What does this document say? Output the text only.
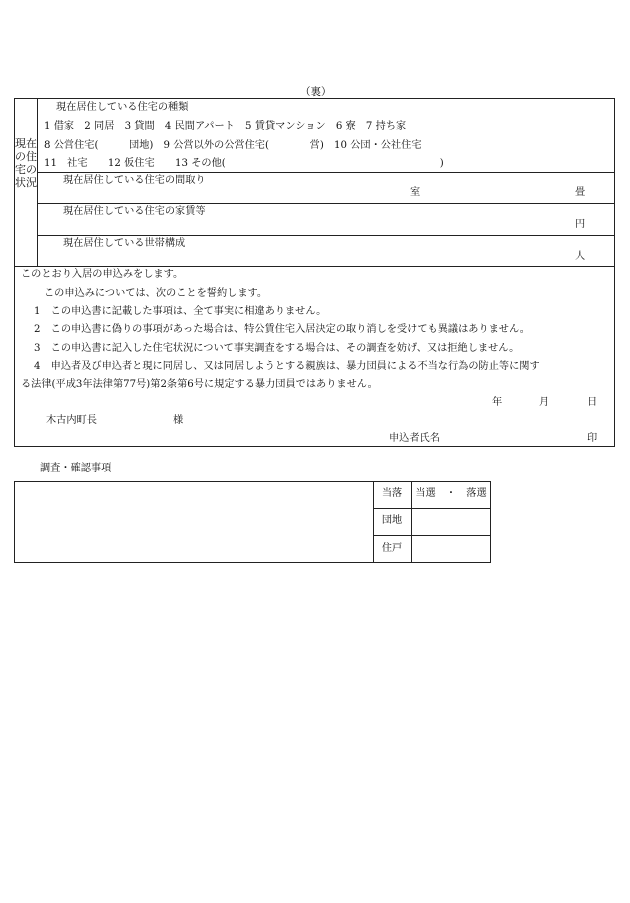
（裏）
現在の住宅の状況
現在居住している住宅の種類
1 借家　2 同居　3 貸間　4 民間アパート　5 賃貸マンション　6 寮　7 持ち家
8 公営住宅(　　　団地)　9 公営以外の公営住宅(　　　　営)　10 公団・公社住宅
11　社宅　　12 仮住宅　　13 その他(　　　　　　　　　　　　　　　　　　　　　)
現在居住している住宅の間取り
室	畳
現在居住している住宅の家賃等
円
現在居住している世帯構成
人
このとおり入居の申込みをします。
この申込みについては、次のことを誓約します。
1　この申込書に記載した事項は、全て事実に相違ありません。
2　この申込書に偽りの事項があった場合は、特公賃住宅入居決定の取り消しを受けても異議はありません。
3　この申込書に記入した住宅状況について事実調査をする場合は、その調査を妨げ、又は拒絶しません。
4　申込者及び申込者と現に同居し、又は同居しようとする親族は、暴力団員による不当な行為の防止等に関す
る法律(平成3年法律第77号)第2条第6号に規定する暴力団員ではありません。
年	月	日
木古内町長	様
申込者氏名	印
調査・確認事項
当落	当選　・　落選
団地
住戸
